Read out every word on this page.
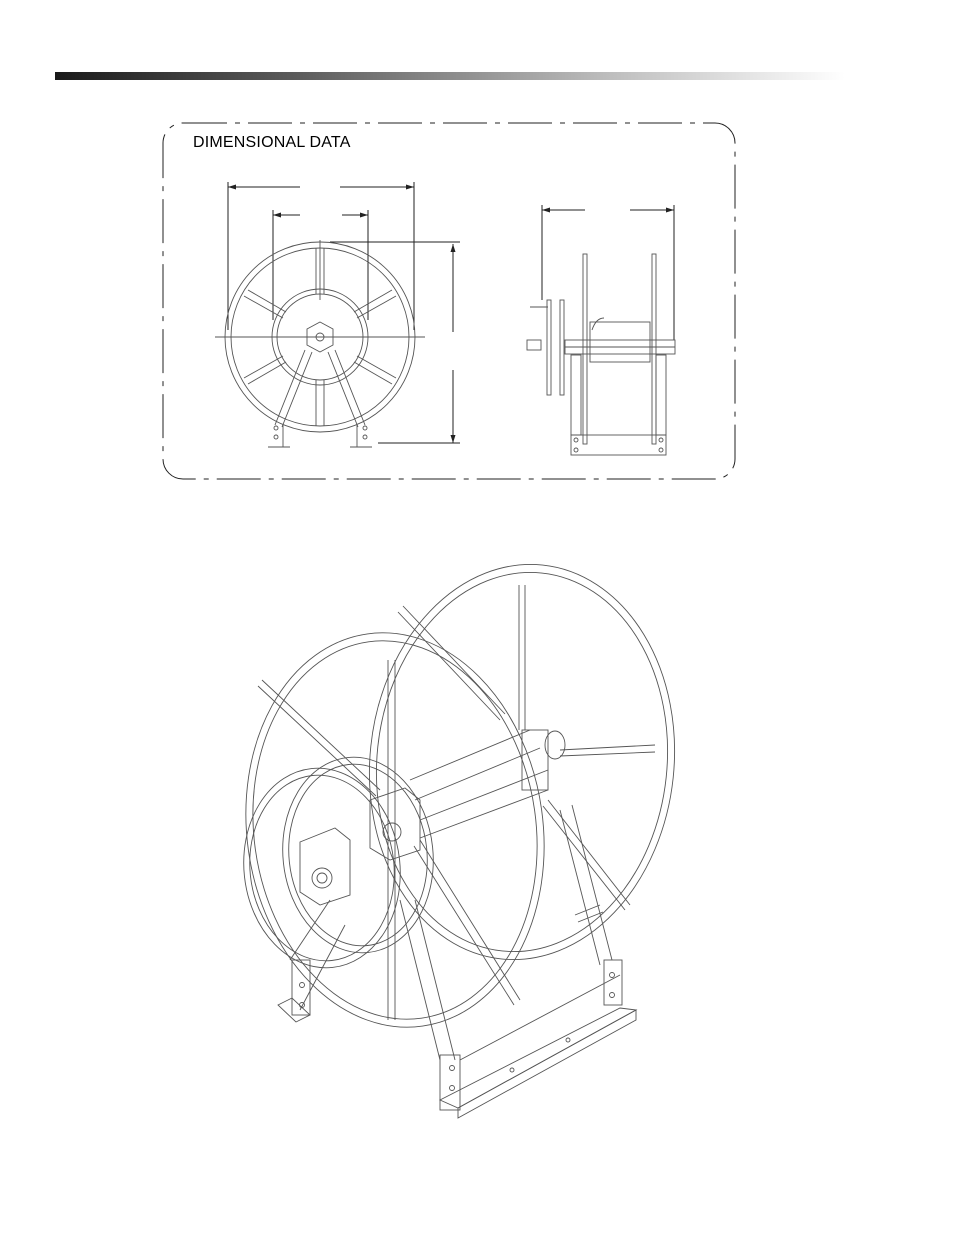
DIMENSIONAL DATA
